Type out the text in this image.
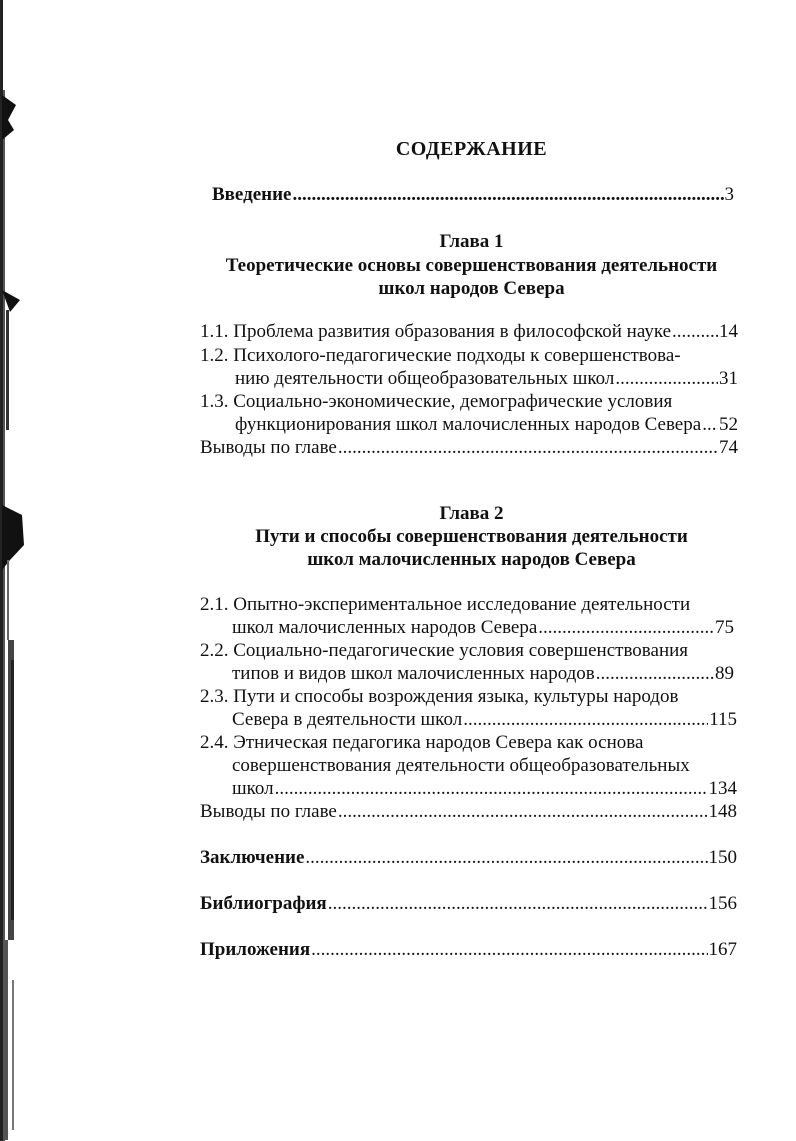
СОДЕРЖАНИЕ
Введение .....	3
Глава 1
Теоретические основы совершенствования деятельности
школ народов Севера
1.1. Проблема развития образования в философской науке .....	14
1.2. Психолого-педагогические подходы к совершенствова-
нию деятельности общеобразовательных школ .....	31
1.3. Социально-экономические, демографические условия
функционирования школ малочисленных народов Севера ..... 52
Выводы по главе .....	74
Глава 2
Пути и способы совершенствования деятельности
школ малочисленных народов Севера
2.1. Опытно-экспериментальное исследование деятельности
школ малочисленных народов Севера .....	75
2.2. Социально-педагогические условия совершенствования
типов и видов школ малочисленных народов .....	89
2.3. Пути и способы возрождения языка, культуры народов
Севера в деятельности школ .....	115
2.4. Этническая педагогика народов Севера как основа
совершенствования деятельности общеобразовательных
школ .....	134
Выводы по главе .....	148
Заключение .....	150
Библиография .....	156
Приложения .....	167
